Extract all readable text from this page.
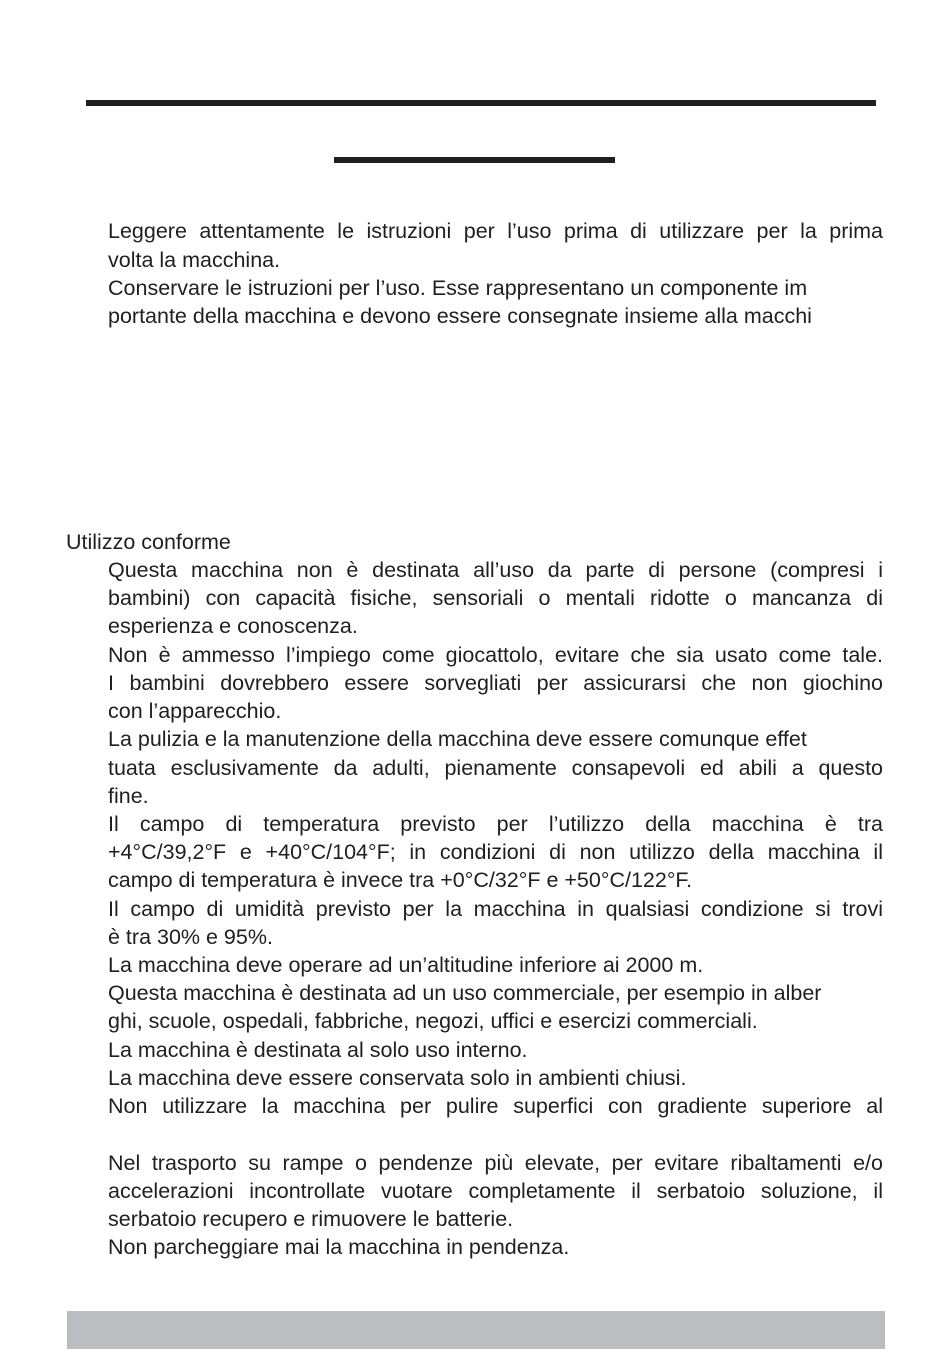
Leggere attentamente le istruzioni per l’uso prima di utilizzare per la prima
volta la macchina.
Conservare le istruzioni per l’uso. Esse rappresentano un componente im
portante della macchina e devono essere consegnate insieme alla macchi
Utilizzo conforme
Questa macchina non è destinata all’uso da parte di persone (compresi i
bambini) con capacità fisiche, sensoriali o mentali ridotte o mancanza di
esperienza e conoscenza.
Non è ammesso l’impiego come giocattolo, evitare che sia usato come tale.
I bambini dovrebbero essere sorvegliati per assicurarsi che non giochino
con l’apparecchio.
La pulizia e la manutenzione della macchina deve essere comunque effet
tuata esclusivamente da adulti, pienamente consapevoli ed abili a questo
fine.
Il campo di temperatura previsto per l’utilizzo della macchina è tra
+4°C/39,2°F e +40°C/104°F; in condizioni di non utilizzo della macchina il
campo di temperatura è invece tra +0°C/32°F e +50°C/122°F.
Il campo di umidità previsto per la macchina in qualsiasi condizione si trovi
è tra 30% e 95%.
La macchina deve operare ad un’altitudine inferiore ai 2000 m.
Questa macchina è destinata ad un uso commerciale, per esempio in alber
ghi, scuole, ospedali, fabbriche, negozi, uffici e esercizi commerciali.
La macchina è destinata al solo uso interno.
La macchina deve essere conservata solo in ambienti chiusi.
Non utilizzare la macchina per pulire superfici con gradiente superiore al
Nel trasporto su rampe o pendenze più elevate, per evitare ribaltamenti e/o
accelerazioni incontrollate vuotare completamente il serbatoio soluzione, il
serbatoio recupero e rimuovere le batterie.
Non parcheggiare mai la macchina in pendenza.
